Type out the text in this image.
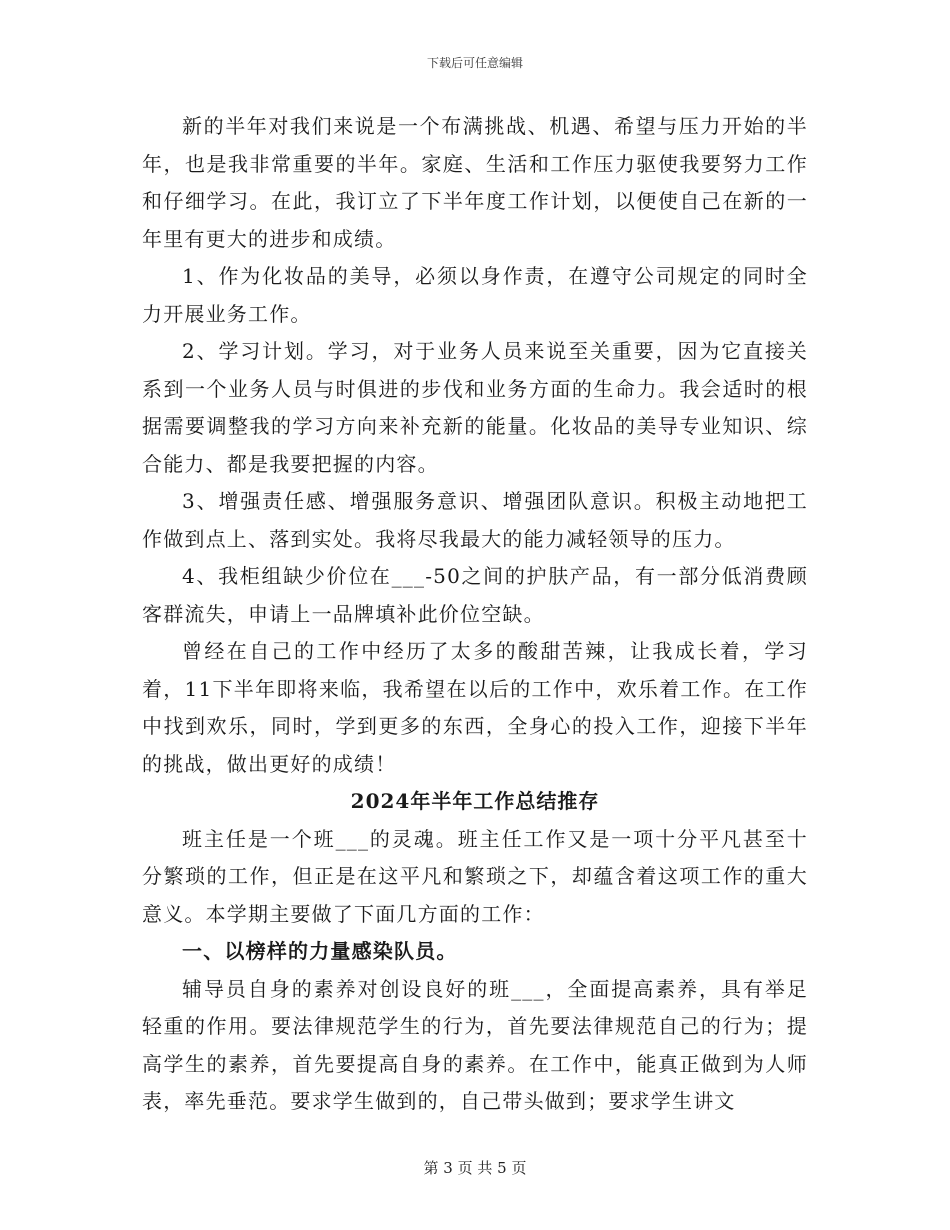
下载后可任意编辑

新的半年对我们来说是一个布满挑战、机遇、希望与压力开始的半年，也是我非常重要的半年。家庭、生活和工作压力驱使我要努力工作和仔细学习。在此，我订立了下半年度工作计划，以便使自己在新的一年里有更大的进步和成绩。

1、作为化妆品的美导，必须以身作责，在遵守公司规定的同时全力开展业务工作。

2、学习计划。学习，对于业务人员来说至关重要，因为它直接关系到一个业务人员与时俱进的步伐和业务方面的生命力。我会适时的根据需要调整我的学习方向来补充新的能量。化妆品的美导专业知识、综合能力、都是我要把握的内容。

3、增强责任感、增强服务意识、增强团队意识。积极主动地把工作做到点上、落到实处。我将尽我最大的能力减轻领导的压力。

4、我柜组缺少价位在___-50之间的护肤产品，有一部分低消费顾客群流失，申请上一品牌填补此价位空缺。

曾经在自己的工作中经历了太多的酸甜苦辣，让我成长着，学习着，11下半年即将来临，我希望在以后的工作中，欢乐着工作。在工作中找到欢乐，同时，学到更多的东西，全身心的投入工作，迎接下半年的挑战，做出更好的成绩！

2024年半年工作总结推存

班主任是一个班___的灵魂。班主任工作又是一项十分平凡甚至十分繁琐的工作，但正是在这平凡和繁琐之下，却蕴含着这项工作的重大意义。本学期主要做了下面几方面的工作：

一、以榜样的力量感染队员。

辅导员自身的素养对创设良好的班___，全面提高素养，具有举足轻重的作用。要法律规范学生的行为，首先要法律规范自己的行为；提高学生的素养，首先要提高自身的素养。在工作中，能真正做到为人师表，率先垂范。要求学生做到的，自己带头做到；要求学生讲文

第 3 页 共 5 页
